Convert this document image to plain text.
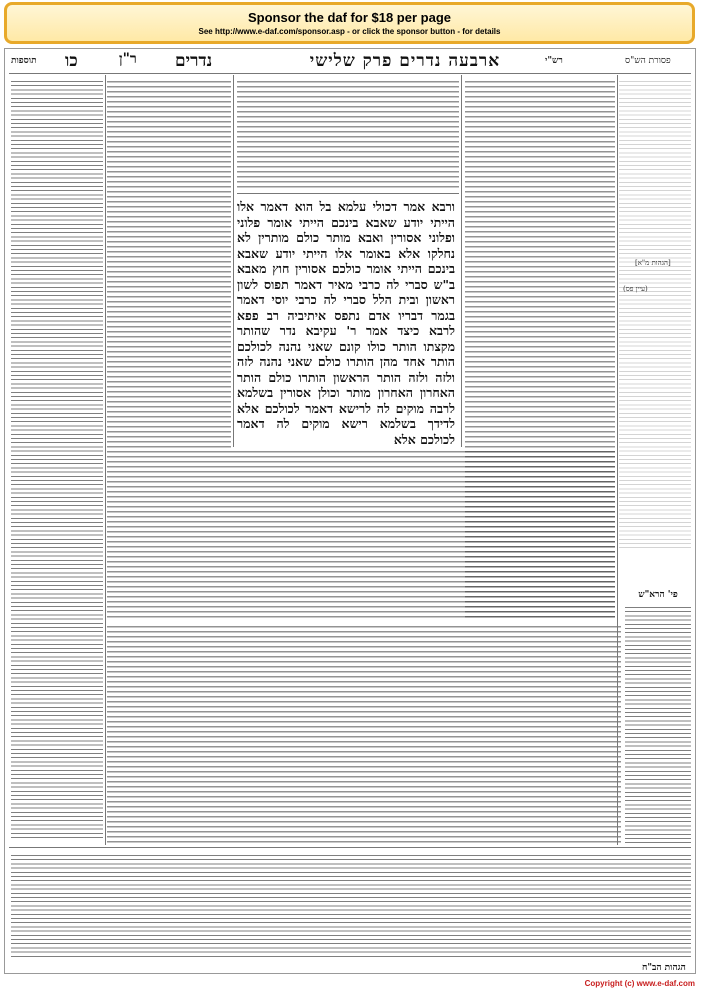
Sponsor the daf for $18 per page
See http://www.e-daf.com/sponsor.asp - or click the sponsor button - for details
פסורת הש"ס
רש"י
ארבעה נדרים פרק שלישי
נדרים
ר"ן
כו
תוספות
[הגהות מ"א]
(עיין פס)
ורבא אמר דכולי עלמא בל הוא דאמר אלו הייתי יודע שאבא בינכם הייתי אומר פלוני ופלוני אסורין ואבא מותר כולם מותרין לא נחלקו אלא באומר אלו הייתי יודע שאבא בינכם הייתי אומר כולכם אסורין חוץ מאבא ב"ש סברי לה כרבי מאיר דאמר תפוס לשון ראשון ובית הלל סברי לה כרבי יוסי דאמר בגמר דבריו אדם נתפס איתיביה רב פפא לרבא כיצד אמר ר' עקיבא נדר שהותר מקצתו הותר כולו קונם שאני נהנה לכולכם הותר אחד מהן הותרו כולם שאני נהנה לזה ולזה ולזה הותר הראשון הותרו כולם הותר האחרון האחרון מותר וכולן אסורין בשלמא לרבה מוקים לה לרישא דאמר לכולכם אלא לדידך בשלמא רישא מוקים לה דאמר לכולכם אלא
פי' הרא"ש
הגהות הב"ח
Copyright (c) www.e-daf.com
